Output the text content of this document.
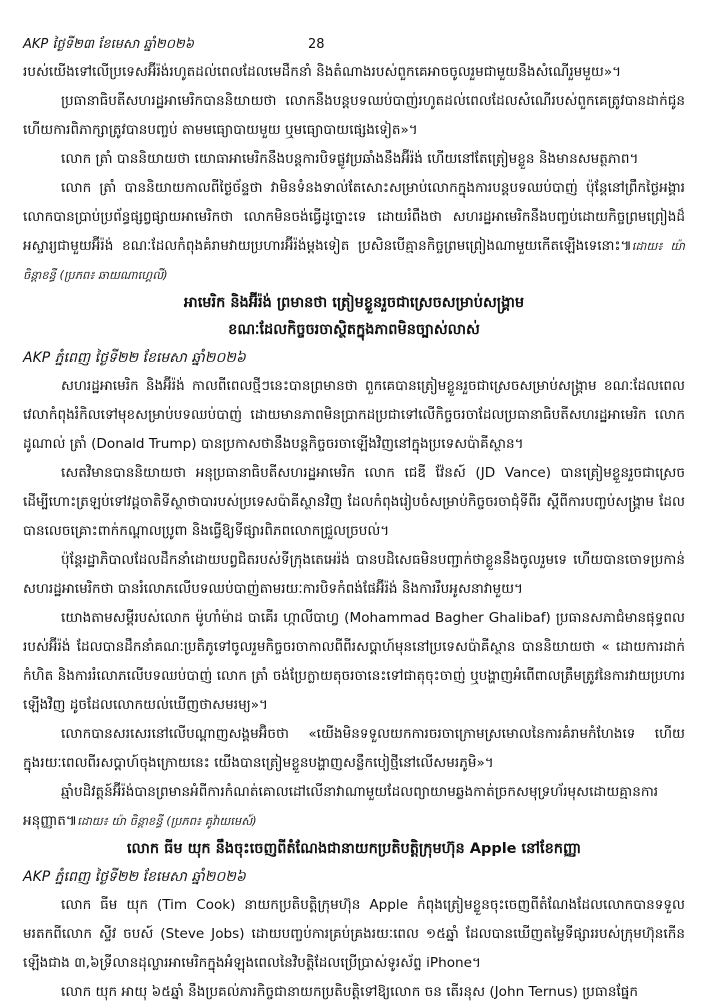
AKP ថ្ងៃទី២៣ ខែមេសា ឆ្នាំ២០២៦	28

របស់យើងទៅលើប្រទេសអ៊ីរ៉ង់រហូតដល់ពេលដែលមេដឹកនាំ និងតំណាងរបស់ពួកគេអាចចូលរួមជាមួយនឹងសំណើរួមមួយ»។

ប្រធានាធិបតីសហរដ្ឋអាមេរិកបាននិយាយថា លោកនឹងបន្តបទឈប់បាញ់រហូតដល់ពេលដែលសំណើរបស់ពួកគេត្រូវបានដាក់ជូន ហើយការពិភាក្សាត្រូវបានបញ្ចប់ តាមមធ្យោបាយមួយ ឬមធ្យោបាយផ្សេងទៀត»។

លោក ត្រាំ បាននិយាយថា យោធាអាមេរិកនឹងបន្តការបិទផ្លូវប្រឆាំងនឹងអ៊ីរ៉ង់ ហើយនៅតែត្រៀមខ្លួន និងមានសមត្ថភាព។

លោក ត្រាំ បាននិយាយកាលពីថ្ងៃច័ន្ទថា វាមិនទំនងទាល់តែសោះសម្រាប់លោកក្នុងការបន្តបទឈប់បាញ់ ប៉ុន្តែនៅព្រឹកថ្ងៃអង្គារ លោកបានប្រាប់ប្រព័ន្ធផ្សព្វផ្សាយអាមេរិកថា លោកមិនចង់ធ្វើដូច្នោះទេ ដោយរំពឹងថា សហរដ្ឋអាមេរិកនឹងបញ្ចប់ដោយកិច្ចព្រមព្រៀងដ៏អស្ចារ្យជាមួយអ៊ីរ៉ង់ ខណៈដែលកំពុងគំរាមវាយប្រហារអ៊ីរ៉ង់ម្តងទៀត ប្រសិនបើគ្មានកិច្ចព្រមព្រៀងណាមួយកើតឡើងទេនោះ៕ដោយ៖ យ៉ា ចិន្តាខន្ធី (ប្រភព៖ ឆាយណាហ្គេលី)

អាមេរិក និងអ៊ីរ៉ង់ ព្រមានថា ត្រៀមខ្លួនរួចជាស្រេចសម្រាប់សង្គ្រាម
ខណៈដែលកិច្ចចរចាស្ថិតក្នុងភាពមិនច្បាស់លាស់
AKP ភ្នំពេញ ថ្ងៃទី២២ ខែមេសា ឆ្នាំ២០២៦

សហរដ្ឋអាមេរិក និងអ៊ីរ៉ង់ កាលពីពេលថ្មីៗនេះបានព្រមានថា ពួកគេបានត្រៀមខ្លួនរួចជាស្រេចសម្រាប់សង្គ្រាម ខណៈដែលពេលវេលាកំពុងរំកិលទៅមុខសម្រាប់បទឈប់បាញ់ ដោយមានភាពមិនប្រាកដប្រជាទៅលើកិច្ចចរចាដែលប្រធានាធិបតីសហរដ្ឋអាមេរិក លោក ដូណាល់ ត្រាំ (Donald Trump) បានប្រកាសថានឹងបន្តកិច្ចចរចាឡើងវិញនៅក្នុងប្រទេសប៉ាគីស្ថាន។

សេតវិមានបាននិយាយថា អនុប្រធានាធិបតីសហរដ្ឋអាមេរិក លោក ជេឌី វ៉ែនស៍ (JD Vance) បានត្រៀមខ្លួនរួចជាស្រេចដើម្បីហោះត្រឡប់ទៅវដ្តចាតិទីស្ថាថាបារបស់ប្រទេសប៉ាគីស្ថានវិញ ដែលកំពុងរៀបចំសម្រាប់កិច្ចចរចាជុំទីពីរ ស្តីពីការបញ្ចប់សង្គ្រាម ដែលបានលេចគ្រោះពាក់កណ្តាលប្រូពា និងធ្វើឱ្យទីផ្សារពិភពលោកជ្រួលច្របល់។

ប៉ុន្តែរដ្ឋាភិបាលដែលដឹកនាំដោយបព្វជិតរបស់ទីក្រុងតេអេរ៉ង់ បានបដិសេធមិនបញ្ជាក់ថាខ្លួននឹងចូលរួមទេ ហើយបានចោទប្រកាន់សហរដ្ឋអាមេរិកថា បានរំលោភលើបទឈប់បាញ់តាមរយៈការបិទកំពង់ផែអ៊ីរ៉ង់ និងការរឹបអូសនាវាមួយ។

យោងតាមសម្តីរបស់លោក ម៉ូហាំម៉ាដ បាគើរ ហ្កាលីបាហ្វ (Mohammad Bagher Ghalibaf) ប្រធានសភាជំមានផុទ្ធពលរបស់អ៊ីរ៉ង់ ដែលបានដឹកនាំគណៈប្រតិភូទៅចូលរួមកិច្ចចរចាកាលពីពីរសប្តាហ៍មុននៅប្រទេសប៉ាគីស្ថាន បាននិយាយថា « ដោយការដាក់កំហិត និងការរំលោភលើបទឈប់បាញ់ លោក ត្រាំ ចង់ប្រែក្លាយតុចរចានេះទៅជាតុចុះចាញ់ ឬបង្ហាញអំពើពាលត្រឹមត្រូវនៃការវាយប្រហារឡើងវិញ ដូចដែលលោកយល់ឃើញថាសមរម្យ»។

លោកបានសរសេរនៅលើបណ្តាញសង្គមអ៊ិចថា «យើងមិនទទួលយកការចរចាក្រោមស្រមោលនៃការគំរាមកំហែងទេ ហើយក្នុងរយៈពេលពីរសប្តាហ៍ចុងក្រោយនេះ យើងបានត្រៀមខ្លួនបង្ហាញសន្លឹកបៀថ្មីនៅលើសមរភូមិ»។

ឆ្មាំបដិវត្តន៍អ៊ីរ៉ង់បានព្រមានអំពីការកំណត់គោលដៅលើនាវាណាមួយដែលព្យាយាមឆ្លងកាត់ច្រកសមុទ្រហ័រមុសដោយគ្មានការអនុញ្ញាត៕ដោយ៖ យ៉ា ចិន្តាខន្ធី (ប្រភព៖ គូវ៉ាយមេស៍)

លោក ធីម យុក នឹងចុះចេញពីតំណែងជានាយកប្រតិបត្តិក្រុមហ៊ុន Apple នៅខែកញ្ញា
AKP ភ្នំពេញ ថ្ងៃទី២២ ខែមេសា ឆ្នាំ២០២៦

លោក ធីម យុក (Tim Cook) នាយកប្រតិបត្តិក្រុមហ៊ុន Apple កំពុងត្រៀមខ្លួនចុះចេញពីតំណែងដែលលោកបានទទួលមរតកពីលោក ស្ទីវ ចបស៍ (Steve Jobs) ដោយបញ្ចប់ការគ្រប់គ្រងរយៈពេល ១៥ឆ្នាំ ដែលបានឃើញតម្លៃទីផ្សាររបស់ក្រុមហ៊ុនកើនឡើងជាង ៣,៦ទ្រីលានដុល្លារអាមេរិកក្នុងអំឡុងពេលនៃវិបត្តិដែលប្រើប្រាស់ទូរស័ព្ទ iPhone។

លោក យុក អាយុ ៦៥ឆ្នាំ នឹងប្រគល់ភារកិច្ចជានាយកប្រតិបត្តិទៅឱ្យលោក ចន តើរនុស (John Ternus) ប្រធានផ្នែក
